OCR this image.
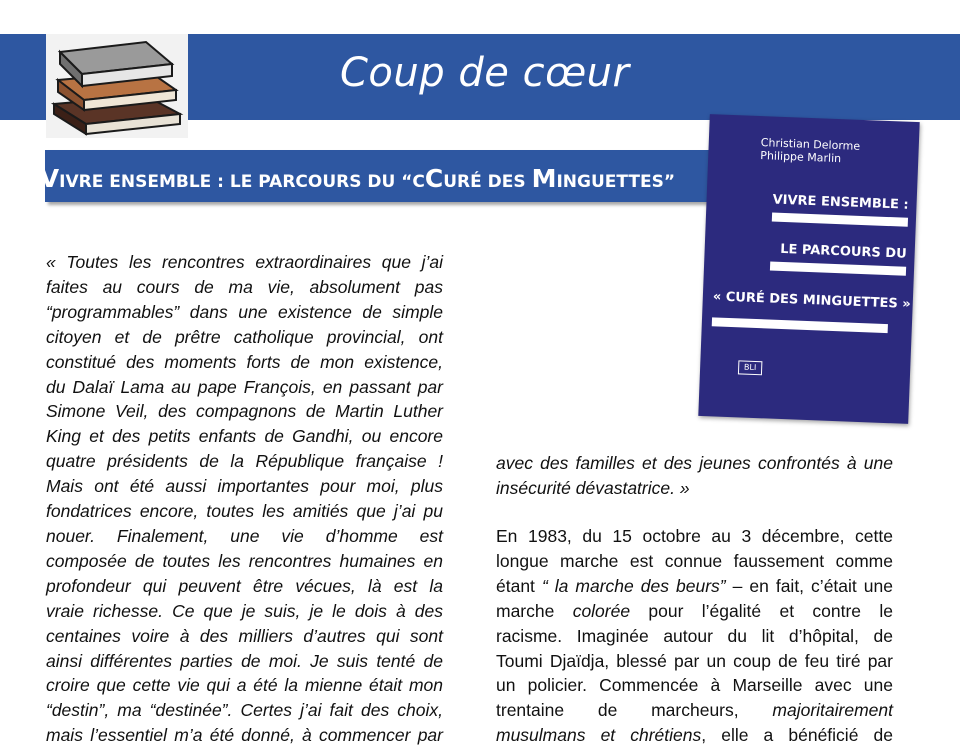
Coup de cœur
VIVRE ENSEMBLE : LE PARCOURS DU “CCURÉ DES MINGUETTES”
Christian Delorme
Philippe Marlin
VIVRE ENSEMBLE :
LE PARCOURS DU
« CURÉ DES MINGUETTES »
BLI
« Toutes les rencontres extraordinaires que j’ai
faites au cours de ma vie, absolument pas
“programmables” dans une existence de simple
citoyen et de prêtre catholique provincial, ont
constitué des moments forts de mon existence,
du Dalaï Lama au pape François, en passant par
Simone Veil, des compagnons de Martin Luther
King et des petits enfants de Gandhi, ou encore
quatre présidents de la République française !
Mais ont été aussi importantes pour moi, plus
fondatrices encore, toutes les amitiés que j’ai pu
nouer. Finalement, une vie d’homme est
composée de toutes les rencontres humaines en
profondeur qui peuvent être vécues, là est la
vraie richesse. Ce que je suis, je le dois à des
centaines voire à des milliers d’autres qui sont
ainsi différentes parties de moi. Je suis tenté de
croire que cette vie qui a été la mienne était mon
“destin”, ma “destinée”. Certes j’ai fait des choix,
mais l’essentiel m’a été donné, à commencer par
avec des familles et des jeunes confrontés à une
insécurité dévastatrice. »
En 1983, du 15 octobre au 3 décembre, cette
longue marche est connue faussement comme
étant “ la marche des beurs” – en fait, c’était une
marche colorée pour l’égalité et contre le
racisme. Imaginée autour du lit d’hôpital, de
Toumi Djaïdja, blessé par un coup de feu tiré par
un policier. Commencée à Marseille avec une
trentaine de marcheurs, majoritairement
musulmans et chrétiens, elle a bénéficié de
